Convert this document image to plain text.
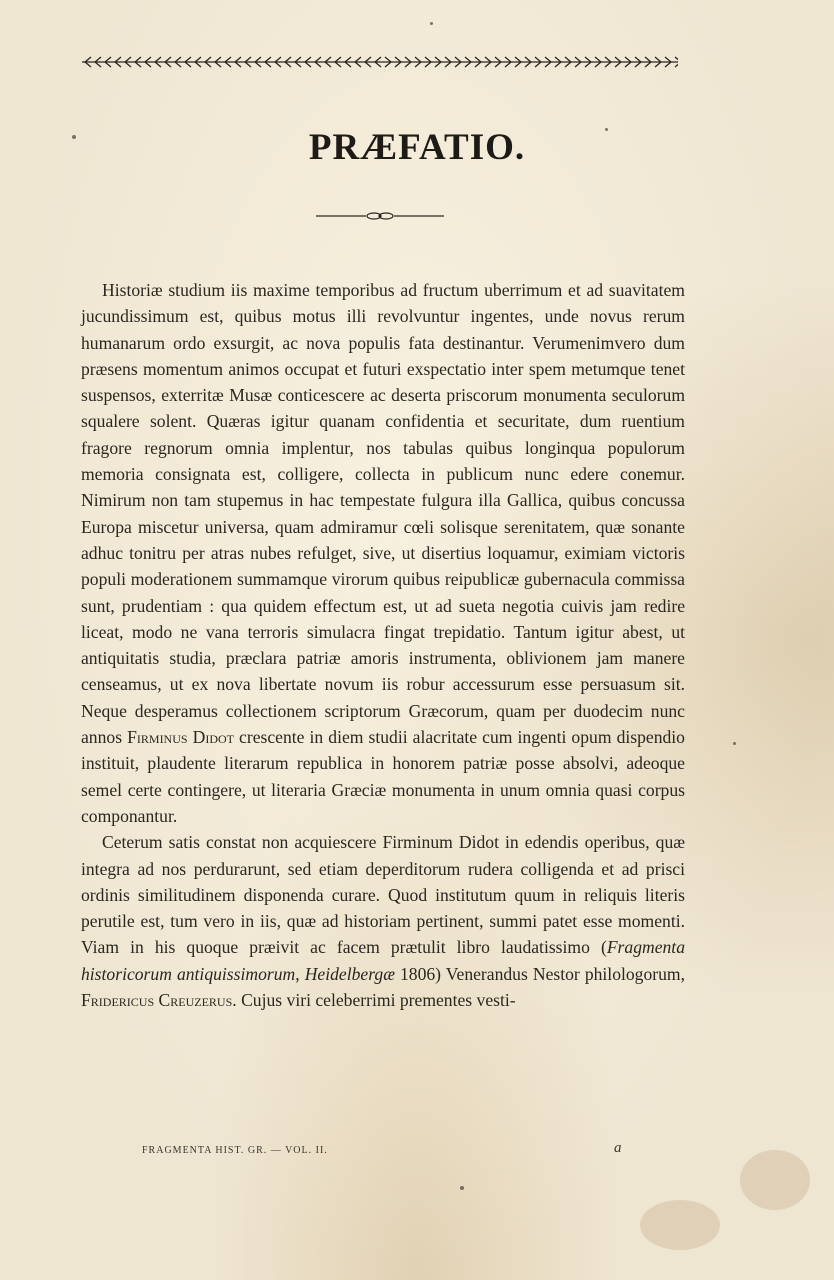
PRÆFATIO.

Historiæ studium iis maxime temporibus ad fructum uberrimum et ad suavitatem jucundissimum est, quibus motus illi revolvuntur ingentes, unde novus rerum humanarum ordo exsurgit, ac nova populis fata destinantur. Verumenimvero dum præsens momentum animos occupat et futuri exspectatio inter spem metumque tenet suspensos, exterritæ Musæ conticescere ac deserta priscorum monumenta seculorum squalere solent. Quæras igitur quanam confidentia et securitate, dum ruentium fragore regnorum omnia implentur, nos tabulas quibus longinqua populorum memoria consignata est, colligere, collecta in publicum nunc edere conemur. Nimirum non tam stupemus in hac tempestate fulgura illa Gallica, quibus concussa Europa miscetur universa, quam admiramur cœli solisque serenitatem, quæ sonante adhuc tonitru per atras nubes refulget, sive, ut disertius loquamur, eximiam victoris populi moderationem summamque virorum quibus reipublicæ gubernacula commissa sunt, prudentiam : qua quidem effectum est, ut ad sueta negotia cuivis jam redire liceat, modo ne vana terroris simulacra fingat trepidatio. Tantum igitur abest, ut antiquitatis studia, præclara patriæ amoris instrumenta, oblivionem jam manere censeamus, ut ex nova libertate novum iis robur accessurum esse persuasum sit. Neque desperamus collectionem scriptorum Græcorum, quam per duodecim nunc annos Firminus Didot crescente in diem studii alacritate cum ingenti opum dispendio instituit, plaudente literarum republica in honorem patriæ posse absolvi, adeoque semel certe contingere, ut literaria Græciæ monumenta in unum omnia quasi corpus componantur.

Ceterum satis constat non acquiescere Firminum Didot in edendis operibus, quæ integra ad nos perdurarunt, sed etiam deperditorum rudera colligenda et ad prisci ordinis similitudinem disponenda curare. Quod institutum quum in reliquis literis perutile est, tum vero in iis, quæ ad historiam pertinent, summi patet esse momenti. Viam in his quoque præivit ac facem prætulit libro laudatissimo (Fragmenta historicorum antiquissimorum, Heidelbergæ 1806) Venerandus Nestor philologorum, Fridericus Creuzerus. Cujus viri celeberrimi prementes vesti-

FRAGMENTA HIST. GR. — VOL. II.	a
